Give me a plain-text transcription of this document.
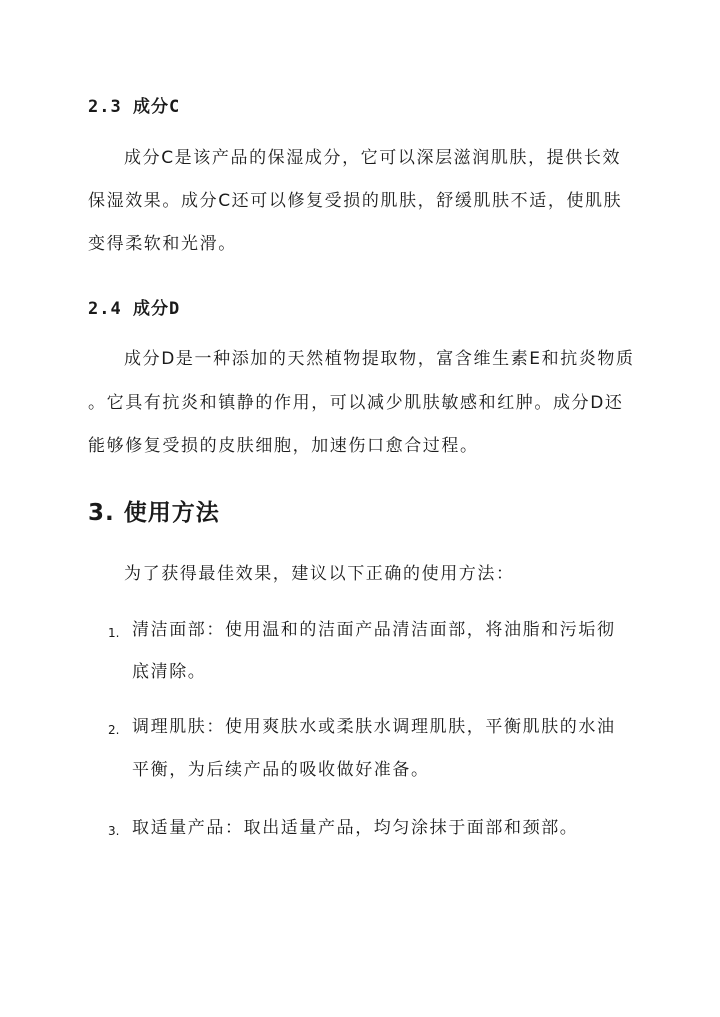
2.3 成分C
成分C是该产品的保湿成分，它可以深层滋润肌肤，提供长效
保湿效果。成分C还可以修复受损的肌肤，舒缓肌肤不适，使肌肤
变得柔软和光滑。
2.4 成分D
成分D是一种添加的天然植物提取物，富含维生素E和抗炎物质
。它具有抗炎和镇静的作用，可以减少肌肤敏感和红肿。成分D还
能够修复受损的皮肤细胞，加速伤口愈合过程。
3. 使用方法
为了获得最佳效果，建议以下正确的使用方法：
1. 清洁面部：使用温和的洁面产品清洁面部，将油脂和污垢彻
底清除。
2. 调理肌肤：使用爽肤水或柔肤水调理肌肤，平衡肌肤的水油
平衡，为后续产品的吸收做好准备。
3. 取适量产品：取出适量产品，均匀涂抹于面部和颈部。
